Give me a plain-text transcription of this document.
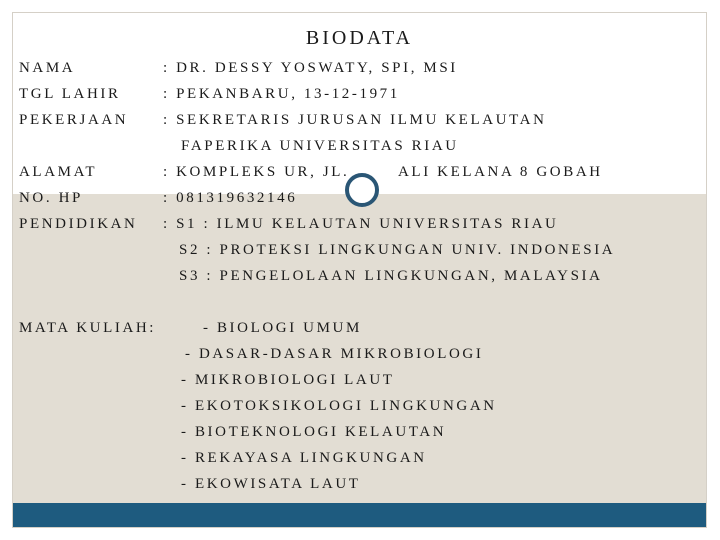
BIODATA
NAMA	: DR. DESSY YOSWATY, SPI, MSI
TGL LAHIR	: PEKANBARU, 13-12-1971
PEKERJAAN : SEKRETARIS JURUSAN ILMU KELAUTAN
FAPERIKA UNIVERSITAS RIAU
ALAMAT	: KOMPLEKS UR, JL.	ALI KELANA 8 GOBAH
NO. HP	: 081319632146
PENDIDIKAN : S1 : ILMU KELAUTAN UNIVERSITAS RIAU
S2 : PROTEKSI LINGKUNGAN UNIV. INDONESIA
S3 : PENGELOLAAN LINGKUNGAN, MALAYSIA
MATA KULIAH:	- BIOLOGI UMUM
- DASAR-DASAR MIKROBIOLOGI
- MIKROBIOLOGI LAUT
- EKOTOKSIKOLOGI LINGKUNGAN
- BIOTEKNOLOGI KELAUTAN
- REKAYASA LINGKUNGAN
- EKOWISATA LAUT
